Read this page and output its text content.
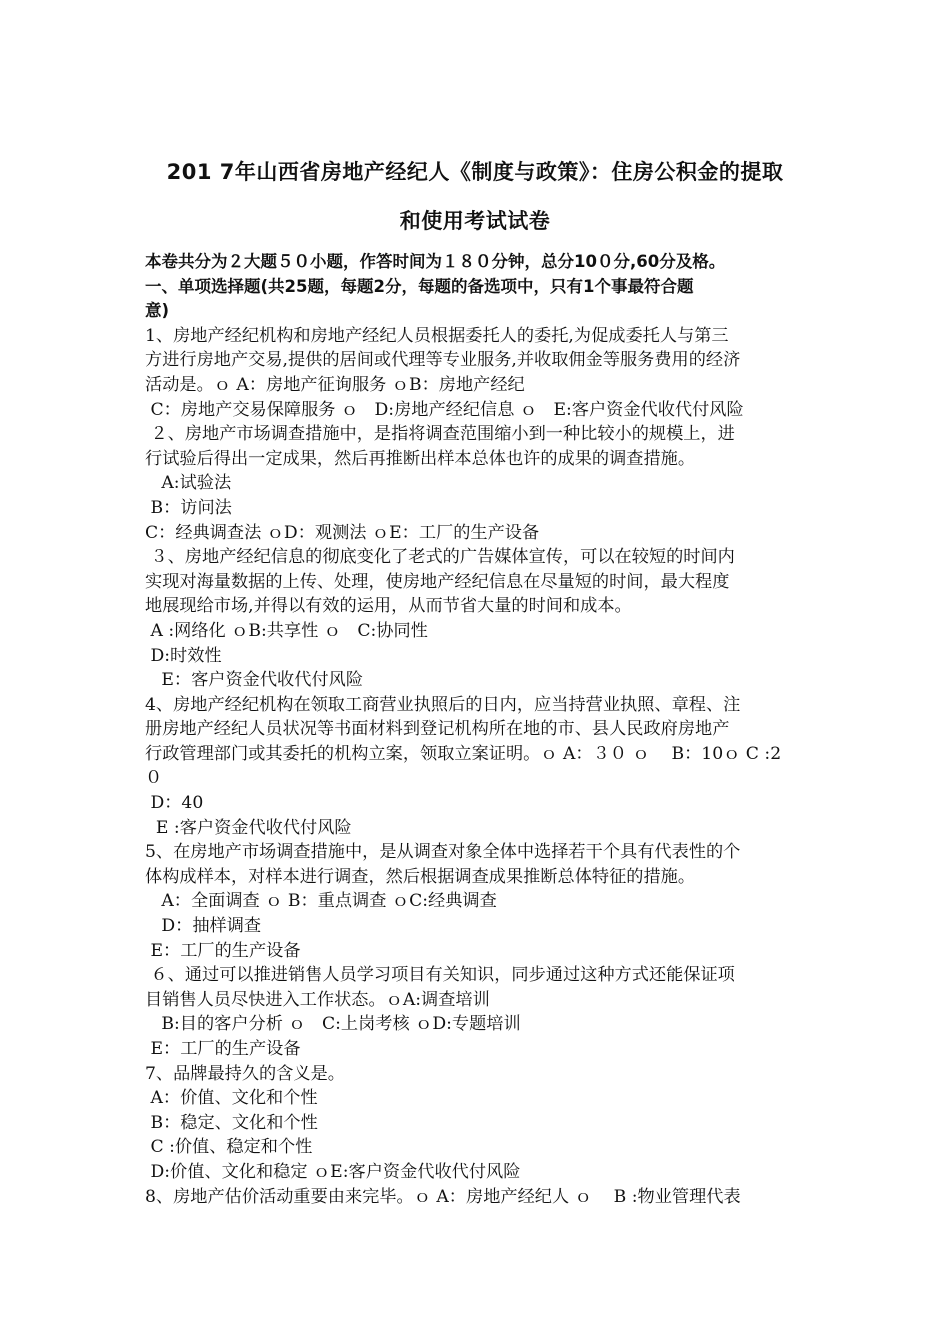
201 7年山西省房地产经纪人《制度与政策》：住房公积金的提取
和使用考试试卷
本卷共分为２大题５０小题，作答时间为１８０分钟，总分10０分,60分及格。
一、单项选择题(共25题，每题2分，每题的备选项中，只有1个事最符合题
意)
1、房地产经纪机构和房地产经纪人员根据委托人的委托,为促成委托人与第三
方进行房地产交易,提供的居间或代理等专业服务,并收取佣金等服务费用的经济
活动是。ｏ A：房地产征询服务 ｏB：房地产经纪
C：房地产交易保障服务 ｏ   D:房地产经纪信息 ｏ   E:客户资金代收代付风险
２、房地产市场调查措施中，是指将调查范围缩小到一种比较小的规模上，进
行试验后得出一定成果，然后再推断出样本总体也许的成果的调查措施。
A:试验法
B：访问法
C：经典调查法 ｏD：观测法 ｏE：工厂的生产设备
３、房地产经纪信息的彻底变化了老式的广告媒体宣传，可以在较短的时间内
实现对海量数据的上传、处理，使房地产经纪信息在尽量短的时间，最大程度
地展现给市场,并得以有效的运用，从而节省大量的时间和成本。
A :网络化 ｏB:共享性 ｏ   C:协同性
D:时效性
E：客户资金代收代付风险
4、房地产经纪机构在领取工商营业执照后的日内，应当持营业执照、章程、注
册房地产经纪人员状况等书面材料到登记机构所在地的市、县人民政府房地产
行政管理部门或其委托的机构立案，领取立案证明。ｏ A：３０ ｏ    B：10ｏ C :2
０
D：40
E :客户资金代收代付风险
5、在房地产市场调查措施中，是从调查对象全体中选择若干个具有代表性的个
体构成样本，对样本进行调查，然后根据调查成果推断总体特征的措施。
A：全面调查 ｏ B：重点调查 ｏC:经典调查
D：抽样调查
E：工厂的生产设备
６、通过可以推进销售人员学习项目有关知识，同步通过这种方式还能保证项
目销售人员尽快进入工作状态。ｏA:调查培训
B:目的客户分析 ｏ   C:上岗考核 ｏD:专题培训
E：工厂的生产设备
7、品牌最持久的含义是。
A：价值、文化和个性
B：稳定、文化和个性
C :价值、稳定和个性
D:价值、文化和稳定 ｏE:客户资金代收代付风险
8、房地产估价活动重要由来完毕。ｏ A：房地产经纪人 ｏ    B :物业管理代表
